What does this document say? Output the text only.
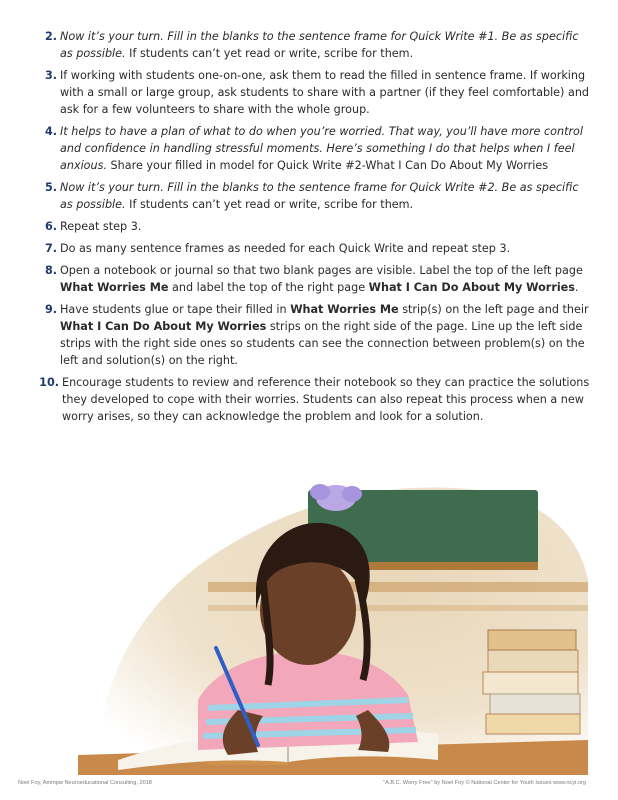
2. Now it’s your turn. Fill in the blanks to the sentence frame for Quick Write #1. Be as specific as possible. If students can’t yet read or write, scribe for them.
3. If working with students one-on-one, ask them to read the filled in sentence frame. If working with a small or large group, ask students to share with a partner (if they feel comfortable) and ask for a few volunteers to share with the whole group.
4. It helps to have a plan of what to do when you’re worried. That way, you’ll have more control and confidence in handling stressful moments. Here’s something I do that helps when I feel anxious. Share your filled in model for Quick Write #2-What I Can Do About My Worries
5. Now it’s your turn. Fill in the blanks to the sentence frame for Quick Write #2. Be as specific as possible. If students can’t yet read or write, scribe for them.
6. Repeat step 3.
7. Do as many sentence frames as needed for each Quick Write and repeat step 3.
8. Open a notebook or journal so that two blank pages are visible. Label the top of the left page What Worries Me and label the top of the right page What I Can Do About My Worries.
9. Have students glue or tape their filled in What Worries Me strip(s) on the left page and their What I Can Do About My Worries strips on the right side of the page. Line up the left side strips with the right side ones so students can see the connection between problem(s) on the left and solution(s) on the right.
10. Encourage students to review and reference their notebook so they can practice the solutions they developed to cope with their worries. Students can also repeat this process when a new worry arises, so they can acknowledge the problem and look for a solution.
Noel Foy, Ammpw Neuroeducational Consulting, 2018	"A.B.C. Worry Free" by Noel Foy © National Center for Youth Issues www.ncyi.org
